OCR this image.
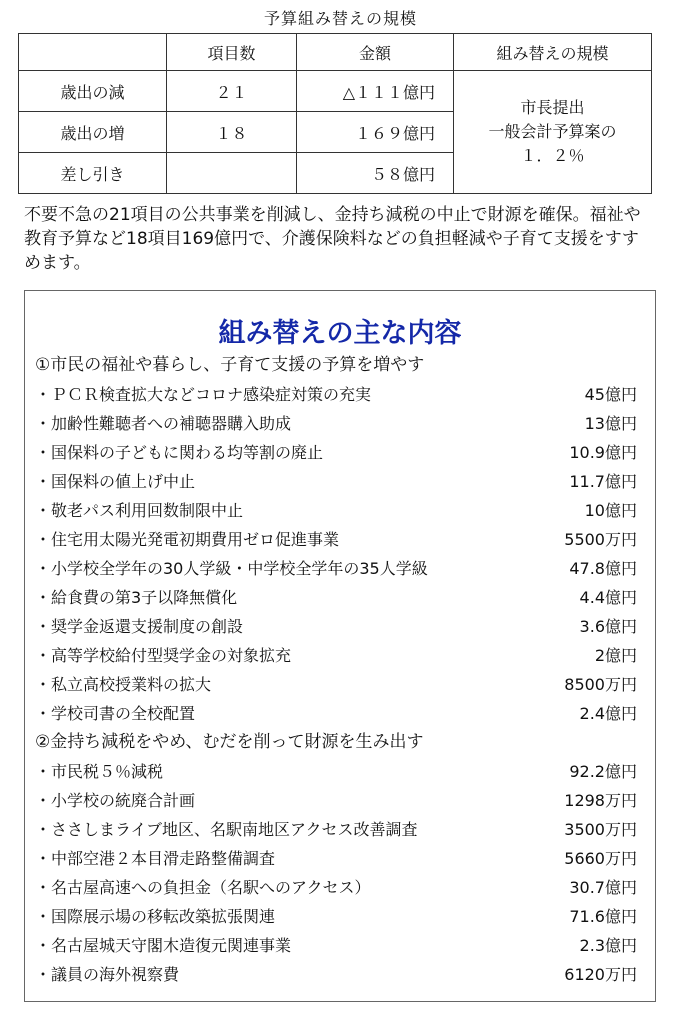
予算組み替えの規模
	項目数	金額	組み替えの規模
歳出の減	２１	△１１１億円	市長提出
一般会計予算案の
１．２％

歳出の増	１８	１６９億円	
差し引き		５８億円	
不要不急の21項目の公共事業を削減し、金持ち減税の中止で財源を確保。福祉や教育予算など18項目169億円で、介護保険料などの負担軽減や子育て支援をすすめます。
組み替えの主な内容
①市民の福祉や暮らし、子育て支援の予算を増やす
・ＰＣＲ検査拡大などコロナ感染症対策の充実	45億円
・加齢性難聴者への補聴器購入助成	13億円
・国保料の子どもに関わる均等割の廃止	10.9億円
・国保料の値上げ中止	11.7億円
・敬老パス利用回数制限中止	10億円
・住宅用太陽光発電初期費用ゼロ促進事業	5500万円
・小学校全学年の30人学級・中学校全学年の35人学級	47.8億円
・給食費の第3子以降無償化	4.4億円
・奨学金返還支援制度の創設	3.6億円
・高等学校給付型奨学金の対象拡充	2億円
・私立高校授業料の拡大	8500万円
・学校司書の全校配置	2.4億円
②金持ち減税をやめ、むだを削って財源を生み出す
・市民税５％減税	92.2億円
・小学校の統廃合計画	1298万円
・ささしまライブ地区、名駅南地区アクセス改善調査	3500万円
・中部空港２本目滑走路整備調査	5660万円
・名古屋高速への負担金（名駅へのアクセス）	30.7億円
・国際展示場の移転改築拡張関連	71.6億円
・名古屋城天守閣木造復元関連事業	2.3億円
・議員の海外視察費	6120万円
